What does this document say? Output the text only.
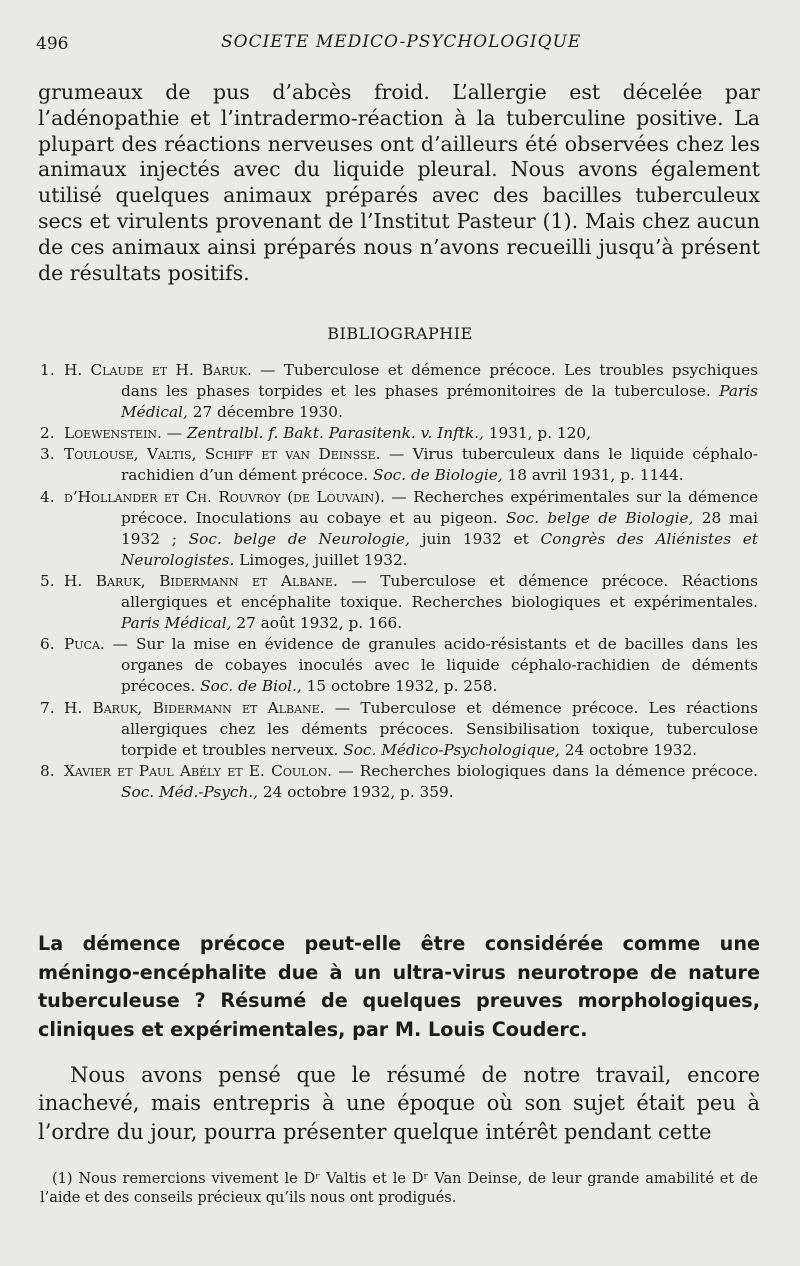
496	SOCIETE MEDICO-PSYCHOLOGIQUE

grumeaux de pus d’abcès froid. L’allergie est décelée par l’adénopathie et l’intradermo-réaction à la tuberculine positive. La plupart des réactions nerveuses ont d’ailleurs été observées chez les animaux injectés avec du liquide pleural. Nous avons également utilisé quelques animaux préparés avec des bacilles tuberculeux secs et virulents provenant de l’Institut Pasteur (1). Mais chez aucun de ces animaux ainsi préparés nous n’avons recueilli jusqu’à présent de résultats positifs.

BIBLIOGRAPHIE
1. H. Claude et H. Baruk. — Tuberculose et démence précoce. Les troubles psychiques dans les phases torpides et les phases prémonitoires de la tuberculose. Paris Médical, 27 décembre 1930.
2. Loewenstein. — Zentralbl. f. Bakt. Parasitenk. v. Inftk., 1931, p. 120,
3. Toulouse, Valtis, Schiff et van Deinsse. — Virus tuberculeux dans le liquide céphalo-rachidien d’un dément précoce. Soc. de Biologie, 18 avril 1931, p. 1144.
4. d’Hollander et Ch. Rouvroy (de Louvain). — Recherches expérimentales sur la démence précoce. Inoculations au cobaye et au pigeon. Soc. belge de Biologie, 28 mai 1932 ; Soc. belge de Neurologie, juin 1932 et Congrès des Aliénistes et Neurologistes. Limoges, juillet 1932.
5. H. Baruk, Bidermann et Albane. — Tuberculose et démence précoce. Réactions allergiques et encéphalite toxique. Recherches biologiques et expérimentales. Paris Médical, 27 août 1932, p. 166.
6. Puca. — Sur la mise en évidence de granules acido-résistants et de bacilles dans les organes de cobayes inoculés avec le liquide céphalo-rachidien de déments précoces. Soc. de Biol., 15 octobre 1932, p. 258.
7. H. Baruk, Bidermann et Albane. — Tuberculose et démence précoce. Les réactions allergiques chez les déments précoces. Sensibilisation toxique, tuberculose torpide et troubles nerveux. Soc. Médico-Psychologique, 24 octobre 1932.
8. Xavier et Paul Abély et E. Coulon. — Recherches biologiques dans la démence précoce. Soc. Méd.-Psych., 24 octobre 1932, p. 359.
La démence précoce peut-elle être considérée comme une méningo-encéphalite due à un ultra-virus neurotrope de nature tuberculeuse ? Résumé de quelques preuves morphologiques, cliniques et expérimentales, par M. Louis Couderc.

Nous avons pensé que le résumé de notre travail, encore inachevé, mais entrepris à une époque où son sujet était peu à l’ordre du jour, pourra présenter quelque intérêt pendant cette

(1) Nous remercions vivement le Dʳ Valtis et le Dʳ Van Deinse, de leur grande amabilité et de l’aide et des conseils précieux qu’ils nous ont prodigués.
